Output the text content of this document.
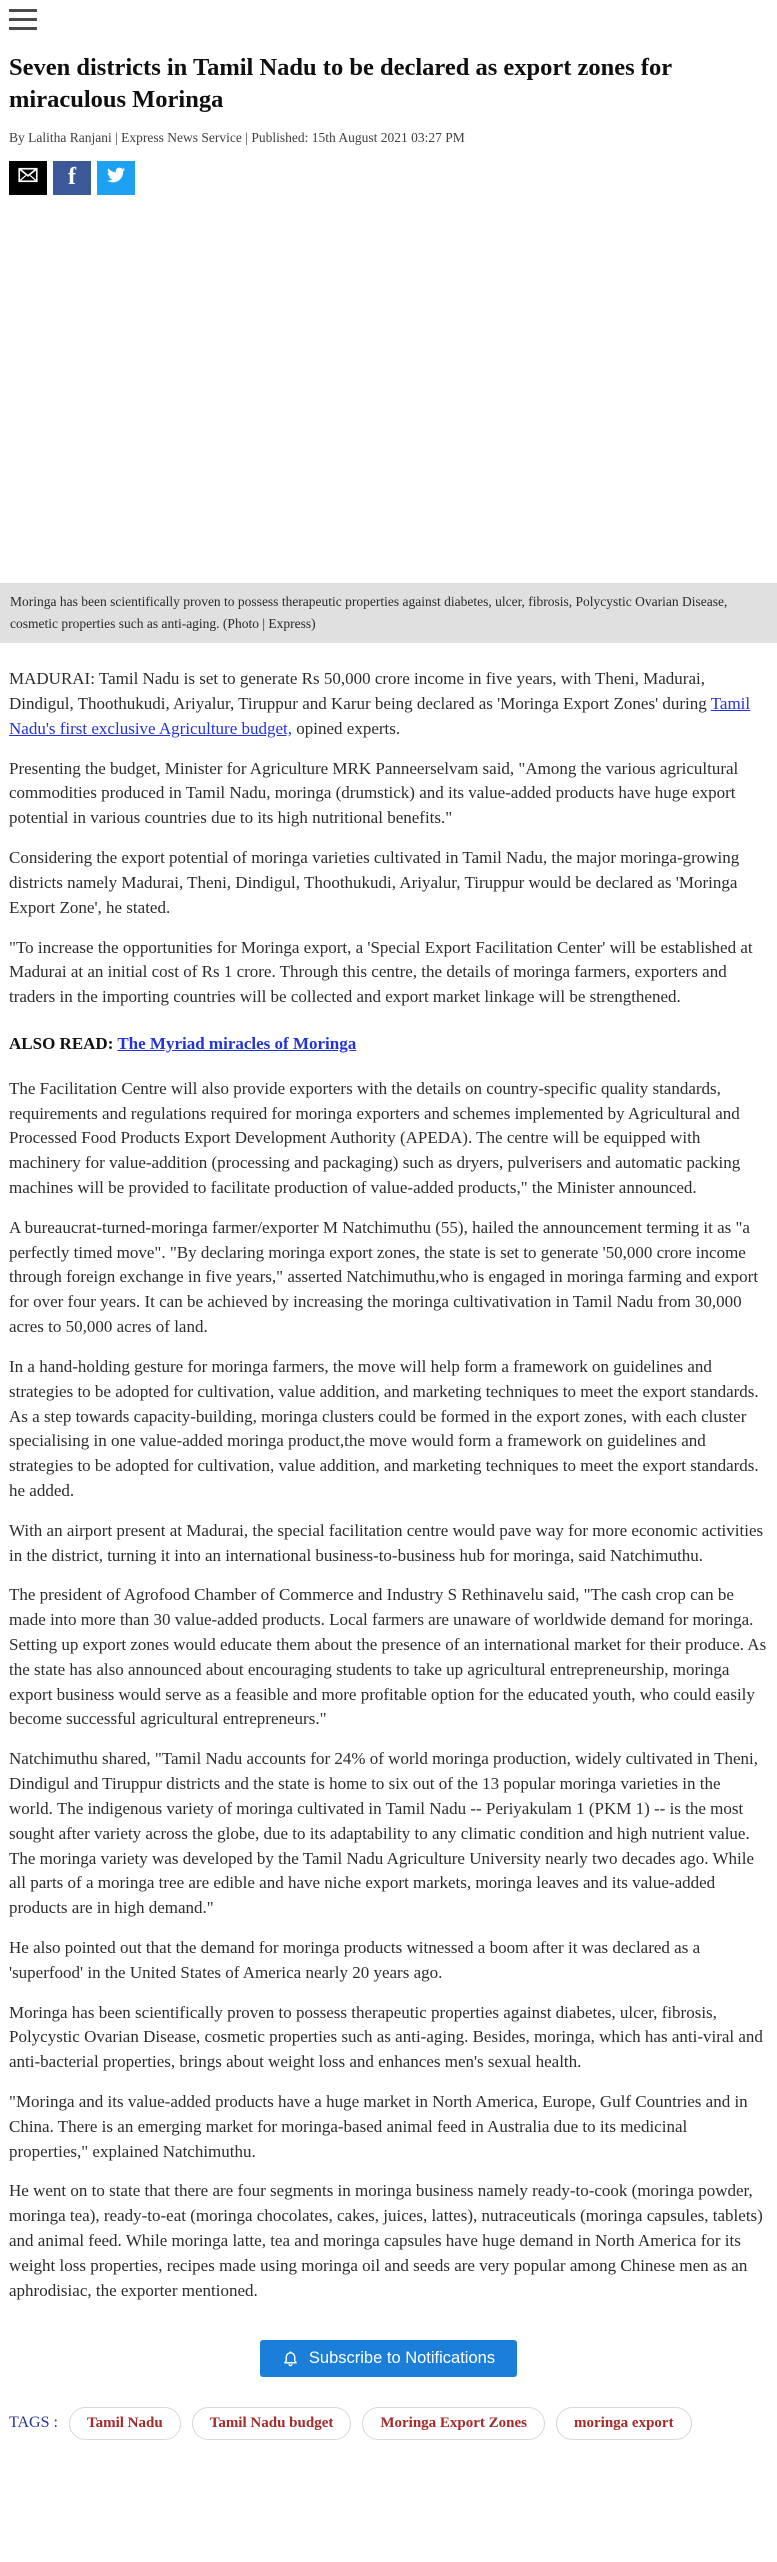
Seven districts in Tamil Nadu to be declared as export zones for miraculous Moringa
By Lalitha Ranjani | Express News Service | Published: 15th August 2021 03:27 PM
f
Moringa has been scientifically proven to possess therapeutic properties against diabetes, ulcer, fibrosis, Polycystic Ovarian Disease, cosmetic properties such as anti-aging. (Photo | Express)

MADURAI: Tamil Nadu is set to generate Rs 50,000 crore income in five years, with Theni, Madurai, Dindigul, Thoothukudi, Ariyalur, Tiruppur and Karur being declared as 'Moringa Export Zones' during Tamil Nadu's first exclusive Agriculture budget, opined experts.

Presenting the budget, Minister for Agriculture MRK Panneerselvam said, "Among the various agricultural commodities produced in Tamil Nadu, moringa (drumstick) and its value-added products have huge export potential in various countries due to its high nutritional benefits."

Considering the export potential of moringa varieties cultivated in Tamil Nadu, the major moringa-growing districts namely Madurai, Theni, Dindigul, Thoothukudi, Ariyalur, Tiruppur would be declared as 'Moringa Export Zone', he stated.

"To increase the opportunities for Moringa export, a 'Special Export Facilitation Center' will be established at Madurai at an initial cost of Rs 1 crore. Through this centre, the details of moringa farmers, exporters and traders in the importing countries will be collected and export market linkage will be strengthened.

ALSO READ: The Myriad miracles of Moringa

The Facilitation Centre will also provide exporters with the details on country-specific quality standards, requirements and regulations required for moringa exporters and schemes implemented by Agricultural and Processed Food Products Export Development Authority (APEDA). The centre will be equipped with machinery for value-addition (processing and packaging) such as dryers, pulverisers and automatic packing machines will be provided to facilitate production of value-added products," the Minister announced.

A bureaucrat-turned-moringa farmer/exporter M Natchimuthu (55), hailed the announcement terming it as "a perfectly timed move". "By declaring moringa export zones, the state is set to generate '50,000 crore income through foreign exchange in five years," asserted Natchimuthu,who is engaged in moringa farming and export for over four years. It can be achieved by increasing the moringa cultivativation in Tamil Nadu from 30,000 acres to 50,000 acres of land.

In a hand-holding gesture for moringa farmers, the move will help form a framework on guidelines and strategies to be adopted for cultivation, value addition, and marketing techniques to meet the export standards. As a step towards capacity-building, moringa clusters could be formed in the export zones, with each cluster specialising in one value-added moringa product,the move would form a framework on guidelines and strategies to be adopted for cultivation, value addition, and marketing techniques to meet the export standards. he added.

With an airport present at Madurai, the special facilitation centre would pave way for more economic activities in the district, turning it into an international business-to-business hub for moringa, said Natchimuthu.

The president of Agrofood Chamber of Commerce and Industry S Rethinavelu said, "The cash crop can be made into more than 30 value-added products. Local farmers are unaware of worldwide demand for moringa. Setting up export zones would educate them about the presence of an international market for their produce. As the state has also announced about encouraging students to take up agricultural entrepreneurship, moringa export business would serve as a feasible and more profitable option for the educated youth, who could easily become successful agricultural entrepreneurs."

Natchimuthu shared, "Tamil Nadu accounts for 24% of world moringa production, widely cultivated in Theni, Dindigul and Tiruppur districts and the state is home to six out of the 13 popular moringa varieties in the world. The indigenous variety of moringa cultivated in Tamil Nadu -- Periyakulam 1 (PKM 1) -- is the most sought after variety across the globe, due to its adaptability to any climatic condition and high nutrient value. The moringa variety was developed by the Tamil Nadu Agriculture University nearly two decades ago. While all parts of a moringa tree are edible and have niche export markets, moringa leaves and its value-added products are in high demand."

He also pointed out that the demand for moringa products witnessed a boom after it was declared as a 'superfood' in the United States of America nearly 20 years ago.

Moringa has been scientifically proven to possess therapeutic properties against diabetes, ulcer, fibrosis, Polycystic Ovarian Disease, cosmetic properties such as anti-aging. Besides, moringa, which has anti-viral and anti-bacterial properties, brings about weight loss and enhances men's sexual health.

"Moringa and its value-added products have a huge market in North America, Europe, Gulf Countries and in China. There is an emerging market for moringa-based animal feed in Australia due to its medicinal properties," explained Natchimuthu.

He went on to state that there are four segments in moringa business namely ready-to-cook (moringa powder, moringa tea), ready-to-eat (moringa chocolates, cakes, juices, lattes), nutraceuticals (moringa capsules, tablets) and animal feed. While moringa latte, tea and moringa capsules have huge demand in North America for its weight loss properties, recipes made using moringa oil and seeds are very popular among Chinese men as an aphrodisiac, the exporter mentioned.

Subscribe to Notifications
TAGS :	Tamil Nadu	Tamil Nadu budget	Moringa Export Zones	moringa export
